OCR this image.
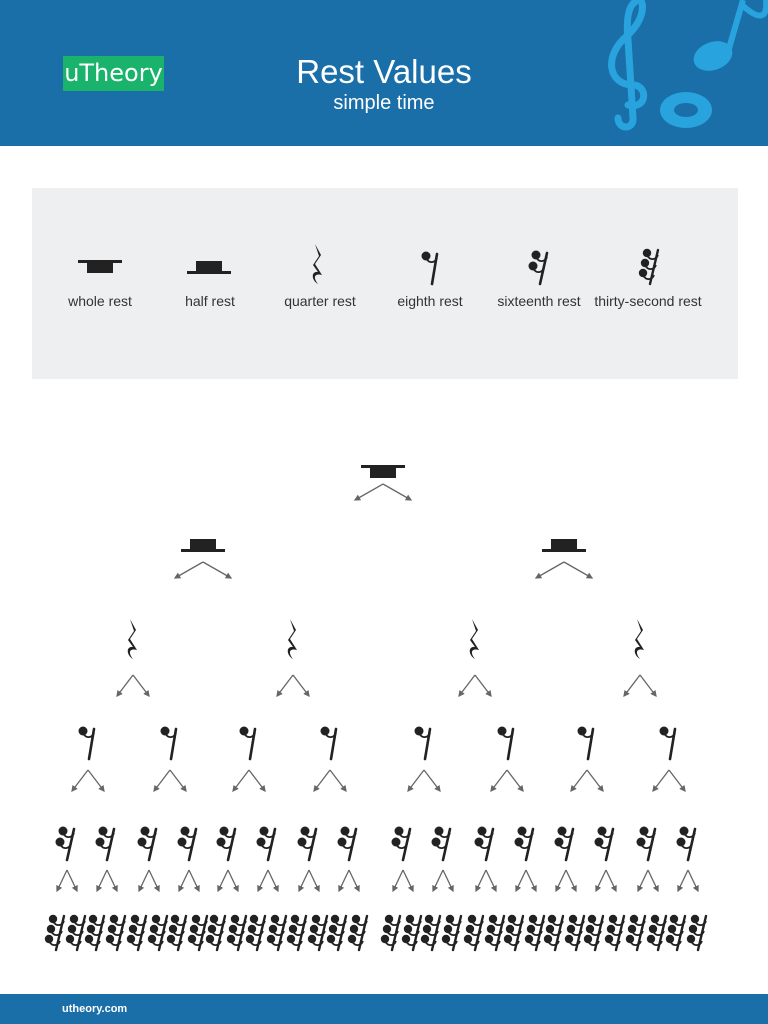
uTheory	Rest Values
simple time
whole rest	half rest	quarter rest	eighth rest	sixteenth rest thirty-second rest
utheory.com
